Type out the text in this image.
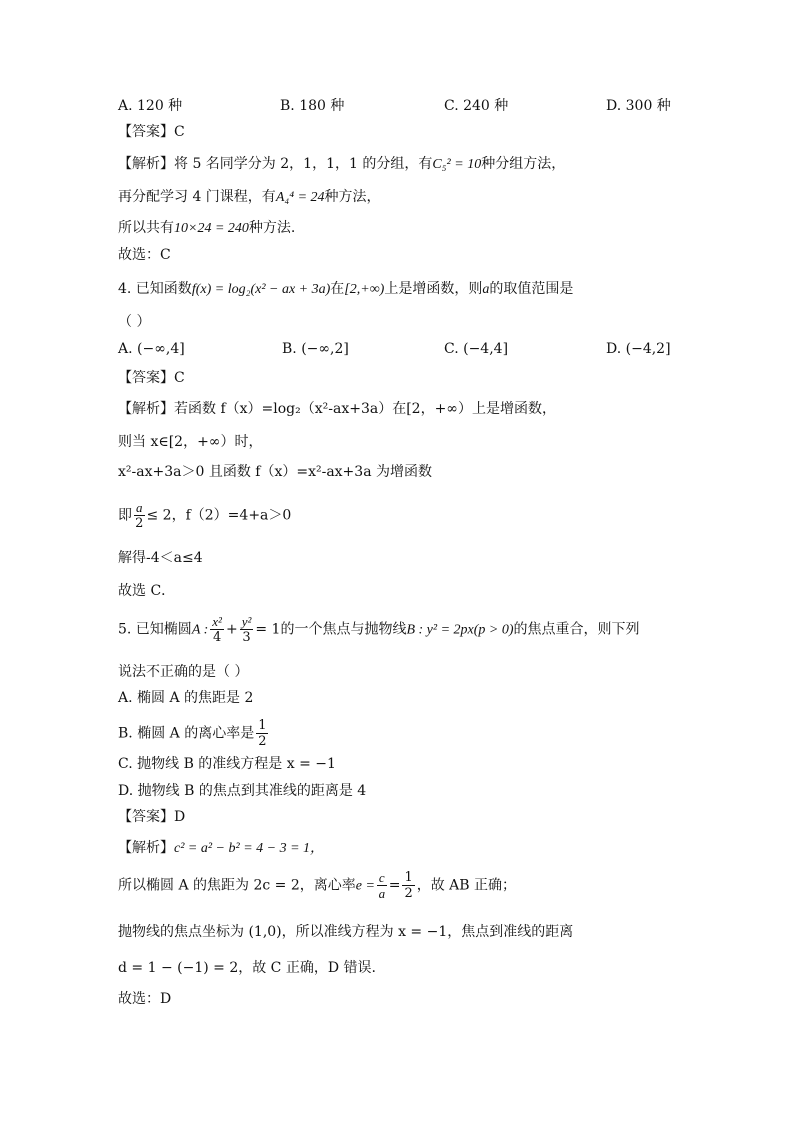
A. 120 种	B. 180 种	C. 240 种	D. 300 种
【答案】C
【解析】将 5 名同学分为 2，1，1，1 的分组，有C₅² = 10种分组方法，
再分配学习 4 门课程，有A₄⁴ = 24种方法，
所以共有10×24 = 240种方法.
故选：C
4. 已知函数f(x) = log₂(x² − ax + 3a)在[2,+∞)上是增函数，则a的取值范围是
（ ）
A. (−∞,4]	B. (−∞,2]	C. (−4,4]	D. (−4,2]
【答案】C
【解析】若函数 f（x）=log₂（x²-ax+3a）在[2，+∞）上是增函数，
则当 x∈[2，+∞）时，
x²-ax+3a＞0 且函数 f（x）=x²-ax+3a 为增函数
即 $\frac{a}{2} \le 2$，f（2）=4+a＞0
解得-4＜a≤4
故选 C．
5. 已知椭圆A : $\frac{\text{x²}}{4} + \frac{\text{y²}}{3} = 1$的一个焦点与抛物线B : y² = 2px(p > 0)的焦点重合，则下列
说法不正确的是（ ）
A. 椭圆 A 的焦距是 2
B. 椭圆 A 的离心率是 $\frac{1}{2}$
C. 抛物线 B 的准线方程是 x = −1
D. 抛物线 B 的焦点到其准线的距离是 4
【答案】D
【解析】c² = a² − b² = 4 − 3 = 1，
所以椭圆 A 的焦距为 2c = 2，离心率$e = \frac{c}{a} = \frac{1}{2}$ ，故 AB 正确；
抛物线的焦点坐标为 (1,0)，所以准线方程为 x = −1，焦点到准线的距离
d = 1 − (−1) = 2，故 C 正确，D 错误.
故选：D
